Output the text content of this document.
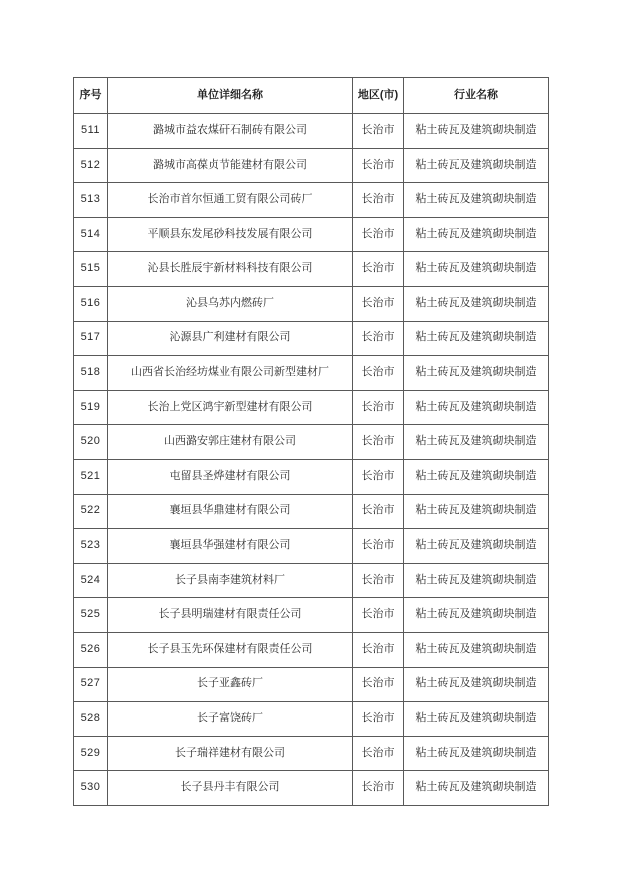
序号	单位详细名称	地区(市)	行业名称
511	潞城市益农煤矸石制砖有限公司	长治市	粘土砖瓦及建筑砌块制造
512	潞城市高葆贞节能建材有限公司	长治市	粘土砖瓦及建筑砌块制造
513	长治市首尔恒通工贸有限公司砖厂	长治市	粘土砖瓦及建筑砌块制造
514	平顺县东发尾砂科技发展有限公司	长治市	粘土砖瓦及建筑砌块制造
515	沁县长胜辰宇新材料科技有限公司	长治市	粘土砖瓦及建筑砌块制造
516	沁县乌苏内燃砖厂	长治市	粘土砖瓦及建筑砌块制造
517	沁源县广利建材有限公司	长治市	粘土砖瓦及建筑砌块制造
518	山西省长治经坊煤业有限公司新型建材厂	长治市	粘土砖瓦及建筑砌块制造
519	长治上党区鸿宇新型建材有限公司	长治市	粘土砖瓦及建筑砌块制造
520	山西潞安郭庄建材有限公司	长治市	粘土砖瓦及建筑砌块制造
521	屯留县圣烨建材有限公司	长治市	粘土砖瓦及建筑砌块制造
522	襄垣县华鼎建材有限公司	长治市	粘土砖瓦及建筑砌块制造
523	襄垣县华强建材有限公司	长治市	粘土砖瓦及建筑砌块制造
524	长子县南李建筑材料厂	长治市	粘土砖瓦及建筑砌块制造
525	长子县明瑞建材有限责任公司	长治市	粘土砖瓦及建筑砌块制造
526	长子县玉先环保建材有限责任公司	长治市	粘土砖瓦及建筑砌块制造
527	长子亚鑫砖厂	长治市	粘土砖瓦及建筑砌块制造
528	长子富饶砖厂	长治市	粘土砖瓦及建筑砌块制造
529	长子瑞祥建材有限公司	长治市	粘土砖瓦及建筑砌块制造
530	长子县丹丰有限公司	长治市	粘土砖瓦及建筑砌块制造
